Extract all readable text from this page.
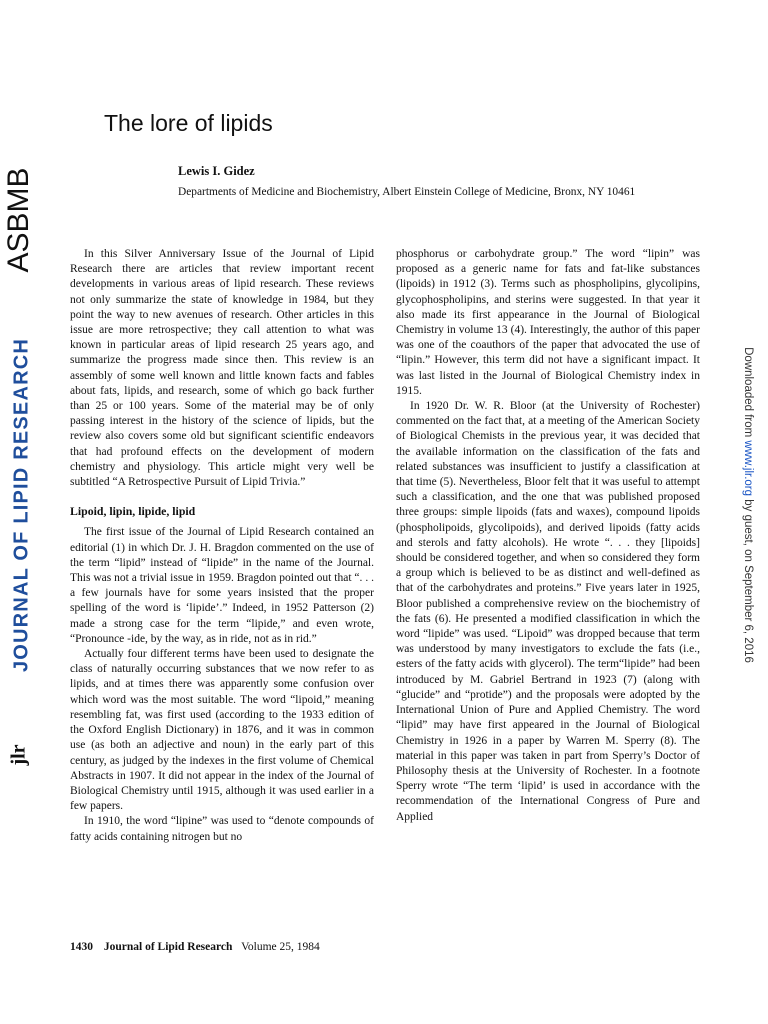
ASBMB
JOURNAL OF LIPID RESEARCH
jlr
Downloaded from www.jlr.org by guest, on September 6, 2016
The lore of lipids
Lewis I. Gidez
Departments of Medicine and Biochemistry, Albert Einstein College of Medicine, Bronx, NY 10461

In this Silver Anniversary Issue of the Journal of Lipid Research there are articles that review important recent developments in various areas of lipid research. These reviews not only summarize the state of knowledge in 1984, but they point the way to new avenues of research. Other articles in this issue are more retrospective; they call attention to what was known in particular areas of lipid research 25 years ago, and summarize the progress made since then. This review is an assembly of some well known and little known facts and fables about fats, lipids, and research, some of which go back further than 25 or 100 years. Some of the material may be of only passing interest in the history of the science of lipids, but the review also covers some old but significant scientific endeavors that had profound effects on the development of modern chemistry and physiology. This article might very well be subtitled “A Retrospective Pursuit of Lipid Trivia.”

Lipoid, lipin, lipide, lipid

The first issue of the Journal of Lipid Research contained an editorial (1) in which Dr. J. H. Bragdon commented on the use of the term “lipid” instead of “lipide” in the name of the Journal. This was not a trivial issue in 1959. Bragdon pointed out that “. . . a few journals have for some years insisted that the proper spelling of the word is ‘lipide’.” Indeed, in 1952 Patterson (2) made a strong case for the term “lipide,” and even wrote, “Pronounce -ide, by the way, as in ride, not as in rid.”

Actually four different terms have been used to designate the class of naturally occurring substances that we now refer to as lipids, and at times there was apparently some confusion over which word was the most suitable. The word “lipoid,” meaning resembling fat, was first used (according to the 1933 edition of the Oxford English Dictionary) in 1876, and it was in common use (as both an adjective and noun) in the early part of this century, as judged by the indexes in the first volume of Chemical Abstracts in 1907. It did not appear in the index of the Journal of Biological Chemistry until 1915, although it was used earlier in a few papers.

In 1910, the word “lipine” was used to “denote compounds of fatty acids containing nitrogen but no

phosphorus or carbohydrate group.” The word “lipin” was proposed as a generic name for fats and fat-like substances (lipoids) in 1912 (3). Terms such as phospholipins, glycolipins, glycophospholipins, and sterins were suggested. In that year it also made its first appearance in the Journal of Biological Chemistry in volume 13 (4). Interestingly, the author of this paper was one of the coauthors of the paper that advocated the use of “lipin.” However, this term did not have a significant impact. It was last listed in the Journal of Biological Chemistry index in 1915.

In 1920 Dr. W. R. Bloor (at the University of Rochester) commented on the fact that, at a meeting of the American Society of Biological Chemists in the previous year, it was decided that the available information on the classification of the fats and related substances was insufficient to justify a classification at that time (5). Nevertheless, Bloor felt that it was useful to attempt such a classification, and the one that was published proposed three groups: simple lipoids (fats and waxes), compound lipoids (phospholipoids, glycolipoids), and derived lipoids (fatty acids and sterols and fatty alcohols). He wrote “. . . they [lipoids] should be considered together, and when so considered they form a group which is believed to be as distinct and well-defined as that of the carbohydrates and proteins.” Five years later in 1925, Bloor published a comprehensive review on the biochemistry of the fats (6). He presented a modified classification in which the word “lipide” was used. “Lipoid” was dropped because that term was understood by many investigators to exclude the fats (i.e., esters of the fatty acids with glycerol). The term“lipide” had been introduced by M. Gabriel Bertrand in 1923 (7) (along with “glucide” and “protide”) and the proposals were adopted by the International Union of Pure and Applied Chemistry. The word “lipid” may have first appeared in the Journal of Biological Chemistry in 1926 in a paper by Warren M. Sperry (8). The material in this paper was taken in part from Sperry’s Doctor of Philosophy thesis at the University of Rochester. In a footnote Sperry wrote “The term ‘lipid’ is used in accordance with the recommendation of the International Congress of Pure and Applied

1430 Journal of Lipid Research Volume 25, 1984
